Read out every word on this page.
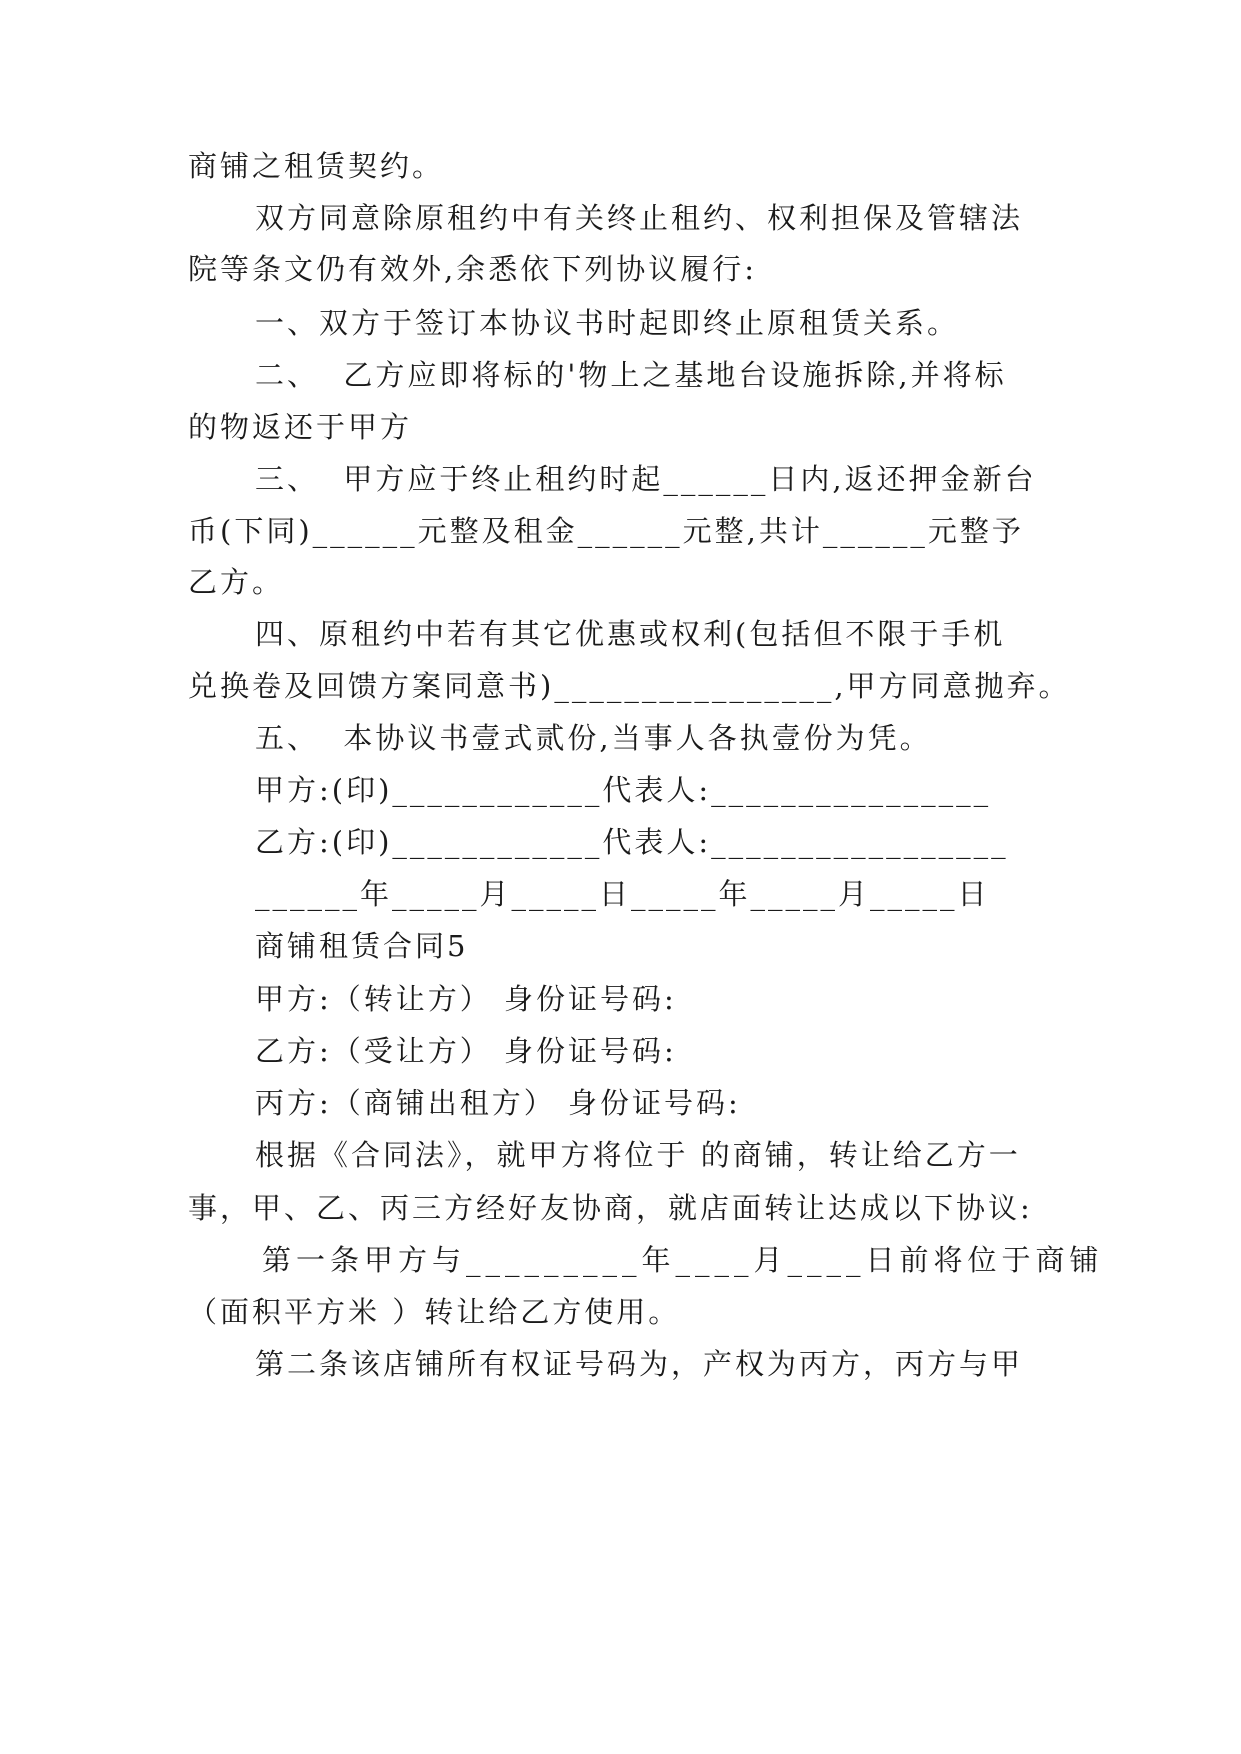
商铺之租赁契约。
双方同意除原租约中有关终止租约、权利担保及管辖法
院等条文仍有效外,余悉依下列协议履行:
一、双方于签订本协议书时起即终止原租赁关系。
二、  乙方应即将标的'物上之基地台设施拆除,并将标
的物返还于甲方
三、  甲方应于终止租约时起______日内,返还押金新台
币(下同)______元整及租金______元整,共计______元整予
乙方。
四、原租约中若有其它优惠或权利(包括但不限于手机
兑换卷及回馈方案同意书)________________,甲方同意抛弃。
五、  本协议书壹式贰份,当事人各执壹份为凭。
甲方:(印)____________代表人:________________
乙方:(印)____________代表人:_________________
______年_____月_____日_____年_____月_____日
商铺租赁合同5
甲方:（转让方） 身份证号码:
乙方:（受让方） 身份证号码:
丙方:（商铺出租方） 身份证号码:
根据《合同法》，就甲方将位于 的商铺，转让给乙方一
事，甲、乙、丙三方经好友协商，就店面转让达成以下协议:
第一条甲方与_________年____月____日前将位于商铺
（面积平方米 ）转让给乙方使用。
第二条该店铺所有权证号码为，产权为丙方，丙方与甲
